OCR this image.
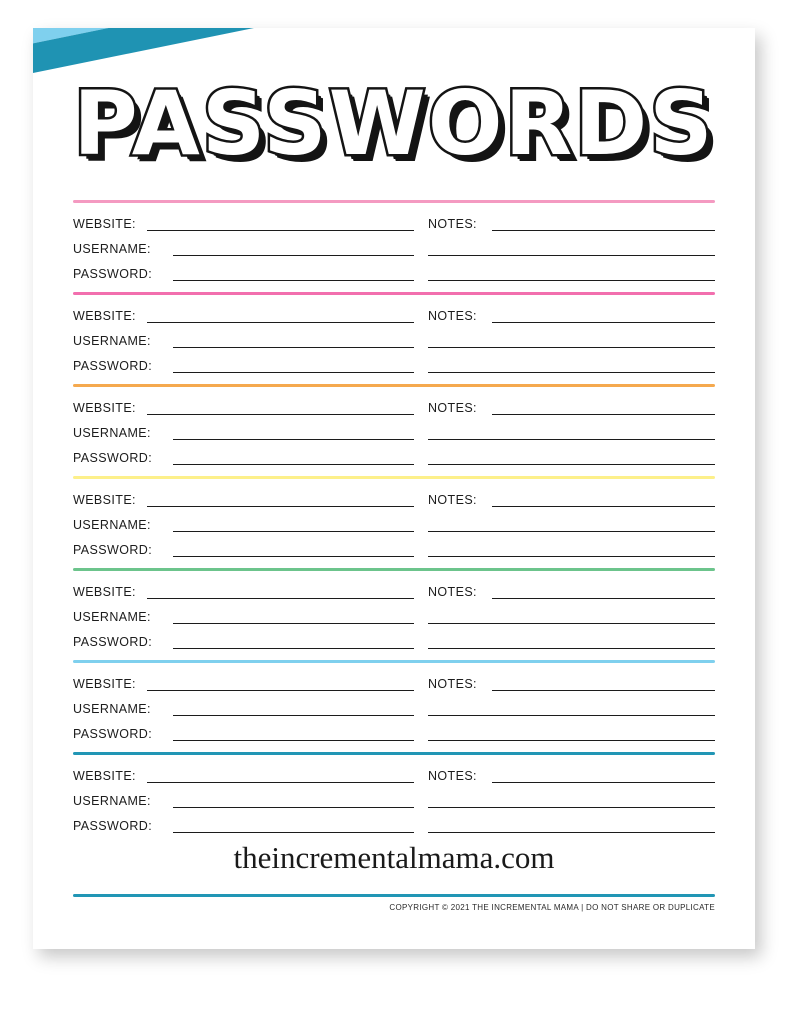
PASSWORDS
WEBSITE:
USERNAME:
PASSWORD:
NOTES:
WEBSITE:
USERNAME:
PASSWORD:
NOTES:
WEBSITE:
USERNAME:
PASSWORD:
NOTES:
WEBSITE:
USERNAME:
PASSWORD:
NOTES:
WEBSITE:
USERNAME:
PASSWORD:
NOTES:
WEBSITE:
USERNAME:
PASSWORD:
NOTES:
WEBSITE:
USERNAME:
PASSWORD:
NOTES:
theincrementalmama.com
COPYRIGHT © 2021 THE INCREMENTAL MAMA | DO NOT SHARE OR DUPLICATE
